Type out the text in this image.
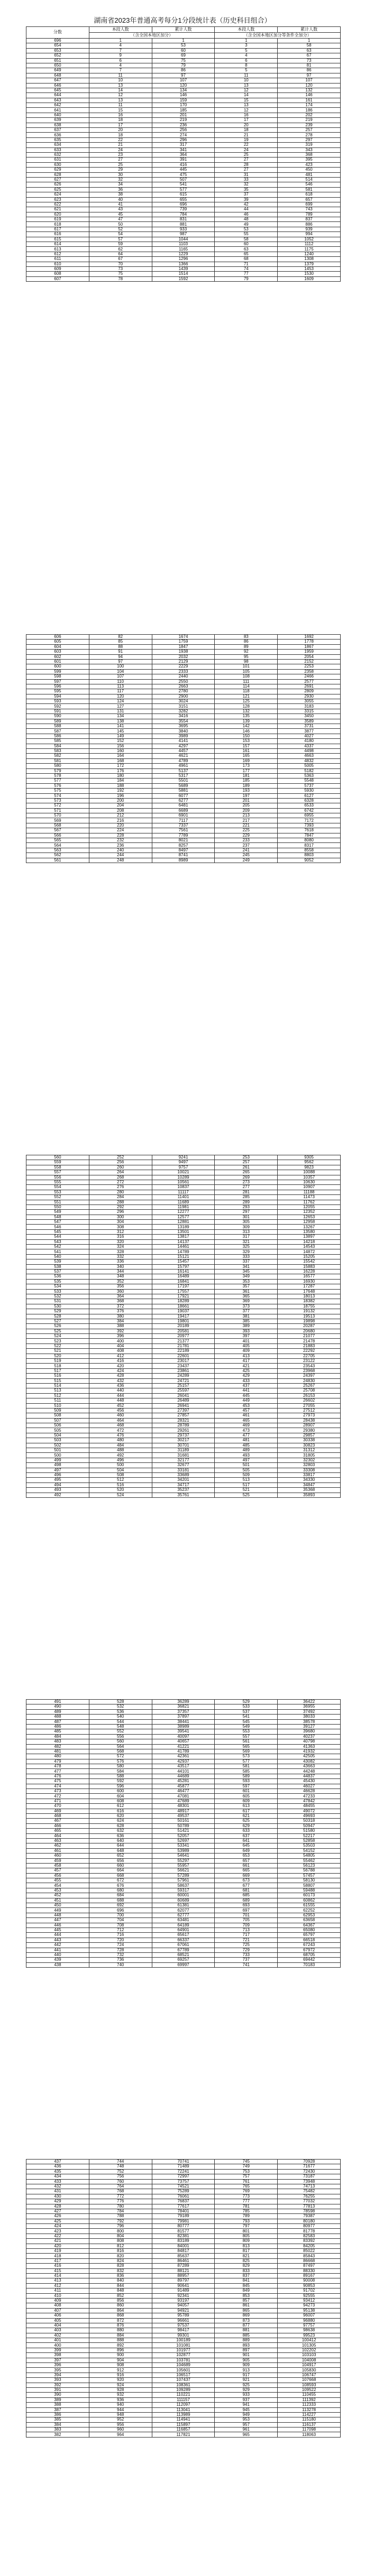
湖南省2023年普通高考每分1分段统计表（历史科目组合）
分数	本段人数	累计人数	本段人数	累计人数
	（含全国本地区加分）		（含全国本地区加分等条件全加分）	
696	1	1	1	1
654	4	53	3	58
653	7	60	5	63
652	9	69	4	67
651	6	75	6	73
650	4	79	8	81
649	7	86	5	86
648	11	97	11	97
647	10	107	10	107
646	13	120	13	120
645	14	134	12	132
644	12	146	14	146
643	13	159	15	161
642	11	170	13	174
641	15	185	12	186
640	16	201	16	202
639	18	219	17	219
638	17	236	20	239
637	20	256	18	257
636	18	274	21	278
635	22	296	19	297
634	21	317	22	319
633	24	341	24	343
632	23	364	25	368
631	27	391	27	395
630	25	416	28	423
629	29	445	27	450
628	30	475	31	481
627	32	507	33	514
626	34	541	32	546
625	36	577	35	581
624	38	615	37	618
623	40	655	39	657
622	41	696	42	699
621	43	739	44	743
620	45	784	46	789
619	47	831	48	837
618	50	881	49	886
617	52	933	53	939
616	54	987	55	994
615	57	1044	58	1052
614	59	1103	60	1112
613	62	1165	63	1175
612	64	1229	65	1240
611	67	1296	68	1308
610	70	1366	71	1379
609	73	1439	74	1453
608	75	1514	77	1530
607	78	1592	79	1609
606	82	1674	83	1692
605	85	1759	86	1778
604	88	1847	89	1867
603	91	1938	92	1959
602	94	2032	95	2054
601	97	2129	98	2152
600	100	2229	101	2253
599	104	2333	105	2358
598	107	2440	108	2466
597	110	2550	111	2577
596	113	2663	114	2691
595	117	2780	118	2809
594	120	2900	121	2930
593	124	3024	125	3055
592	127	3151	128	3183
591	131	3282	132	3315
590	134	3416	135	3450
589	138	3554	139	3589
588	141	3695	142	3731
587	145	3840	146	3877
586	149	3989	150	4027
585	152	4141	153	4180
584	156	4297	157	4337
583	160	4457	161	4498
582	164	4621	165	4663
581	168	4789	169	4832
580	172	4961	173	5005
579	176	5137	177	5182
578	180	5317	181	5363
577	184	5501	185	5548
576	188	5689	189	5737
575	192	5881	193	5930
574	196	6077	197	6127
573	200	6277	201	6328
572	204	6481	205	6533
571	208	6689	209	6742
570	212	6901	213	6955
569	216	7117	217	7172
568	220	7337	221	7393
567	224	7561	225	7618
566	228	7789	229	7847
565	232	8021	233	8080
564	236	8257	237	8317
563	240	8497	241	8558
562	244	8741	245	8803
561	248	8989	249	9052
560	252	9241	253	9305
559	256	9497	257	9562
558	260	9757	261	9823
557	264	10021	265	10088
556	268	10289	269	10357
555	272	10561	273	10630
554	276	10837	277	10907
553	280	11117	281	11188
552	284	11401	285	11473
551	288	11689	289	11762
550	292	11981	293	12055
549	296	12277	297	12352
548	300	12577	301	12653
547	304	12881	305	12958
546	308	13189	309	13267
545	312	13501	313	13580
544	316	13817	317	13897
543	320	14137	321	14218
542	324	14461	325	14543
541	328	14789	329	14872
540	332	15121	333	15205
539	336	15457	337	15542
538	340	15797	341	15883
537	344	16141	345	16228
536	348	16489	349	16577
535	352	16841	353	16930
534	356	17197	357	17287
533	360	17557	361	17648
532	364	17921	365	18013
531	368	18289	369	18382
530	372	18661	373	18755
529	376	19037	377	19132
528	380	19417	381	19513
527	384	19801	385	19898
526	388	20189	389	20287
525	392	20581	393	20680
524	396	20977	397	21077
523	400	21377	401	21478
522	404	21781	405	21883
521	408	22189	409	22292
520	412	22601	413	22705
519	416	23017	417	23122
518	420	23437	421	23543
517	424	23861	425	23968
516	428	24289	429	24397
515	432	24721	433	24830
514	436	25157	437	25267
513	440	25597	441	25708
512	444	26041	445	26153
511	448	26489	449	26602
510	452	26941	453	27055
509	456	27397	457	27512
508	460	27857	461	27973
507	464	28321	465	28438
506	468	28789	469	28907
505	472	29261	473	29380
504	476	29737	477	29857
503	480	30217	481	30338
502	484	30701	485	30823
501	488	31189	489	31312
500	492	31681	493	31805
499	496	32177	497	32302
498	500	32677	501	32803
497	504	33181	505	33308
496	508	33689	509	33817
495	512	34201	513	34330
494	516	34717	517	34847
493	520	35237	521	35368
492	524	35761	525	35893
491	528	36289	529	36422
490	532	36821	533	36955
489	536	37357	537	37492
488	540	37897	541	38033
487	544	38441	545	38578
486	548	38989	549	39127
485	552	39541	553	39680
484	556	40097	557	40237
483	560	40657	561	40798
482	564	41221	565	41363
481	568	41789	569	41932
480	572	42361	573	42505
479	576	42937	577	43082
478	580	43517	581	43663
477	584	44101	585	44248
476	588	44689	589	44837
475	592	45281	593	45430
474	596	45877	597	46027
473	600	46477	601	46628
472	604	47081	605	47233
471	608	47689	609	47842
470	612	48301	613	48455
469	616	48917	617	49072
468	620	49537	621	49693
467	624	50161	625	50318
466	628	50789	629	50947
465	632	51421	633	51580
464	636	52057	637	52217
463	640	52697	641	52858
462	644	53341	645	53503
461	648	53989	649	54152
460	652	54641	653	54805
459	656	55297	657	55462
458	660	55957	661	56123
457	664	56621	665	56788
456	668	57289	669	57457
455	672	57961	673	58130
454	676	58637	677	58807
453	680	59317	681	59488
452	684	60001	685	60173
451	688	60689	689	60862
450	692	61381	693	61555
449	696	62077	697	62252
448	700	62777	701	62953
447	704	63481	705	63658
446	708	64189	709	64367
445	712	64901	713	65080
444	716	65617	717	65797
443	720	66337	721	66518
442	724	67061	725	67243
441	728	67789	729	67972
440	732	68521	733	68705
439	736	69257	737	69442
438	740	69997	741	70183
437	744	70741	745	70928
436	748	71489	749	71677
435	752	72241	753	72430
434	756	72997	757	73187
433	760	73757	761	73948
432	764	74521	765	74713
431	768	75289	769	75482
430	772	76061	773	76255
429	776	76837	777	77032
428	780	77617	781	77813
427	784	78401	785	78598
426	788	79189	789	79387
425	792	79981	793	80180
424	796	80777	797	80977
423	800	81577	801	81778
422	804	82381	805	82583
421	808	83189	809	83392
420	812	84001	813	84205
419	816	84817	817	85022
418	820	85637	821	85843
417	824	86461	825	86668
416	828	87289	829	87497
415	832	88121	833	88330
414	836	88957	837	89167
413	840	89797	841	90008
412	844	90641	845	90853
411	848	91489	849	91702
410	852	92341	853	92555
409	856	93197	857	93412
408	860	94057	861	94273
407	864	94921	865	95138
406	868	95789	869	96007
405	872	96661	873	96880
404	876	97537	877	97757
403	880	98417	881	98638
402	884	99301	885	99523
401	888	100189	889	100412
400	892	101081	893	101305
399	896	101977	897	102202
398	900	102877	901	103103
397	904	103781	905	104008
396	908	104689	909	104917
395	912	105601	913	105830
394	916	106517	917	106747
393	920	107437	921	107668
392	924	108361	925	108593
391	928	109289	929	109522
390	932	110221	933	110455
389	936	111157	937	111392
388	940	112097	941	112333
387	944	113041	945	113278
386	948	113989	949	114227
385	952	114941	953	115180
384	956	115897	957	116137
383	960	116857	961	117098
382	964	117821	965	118063
